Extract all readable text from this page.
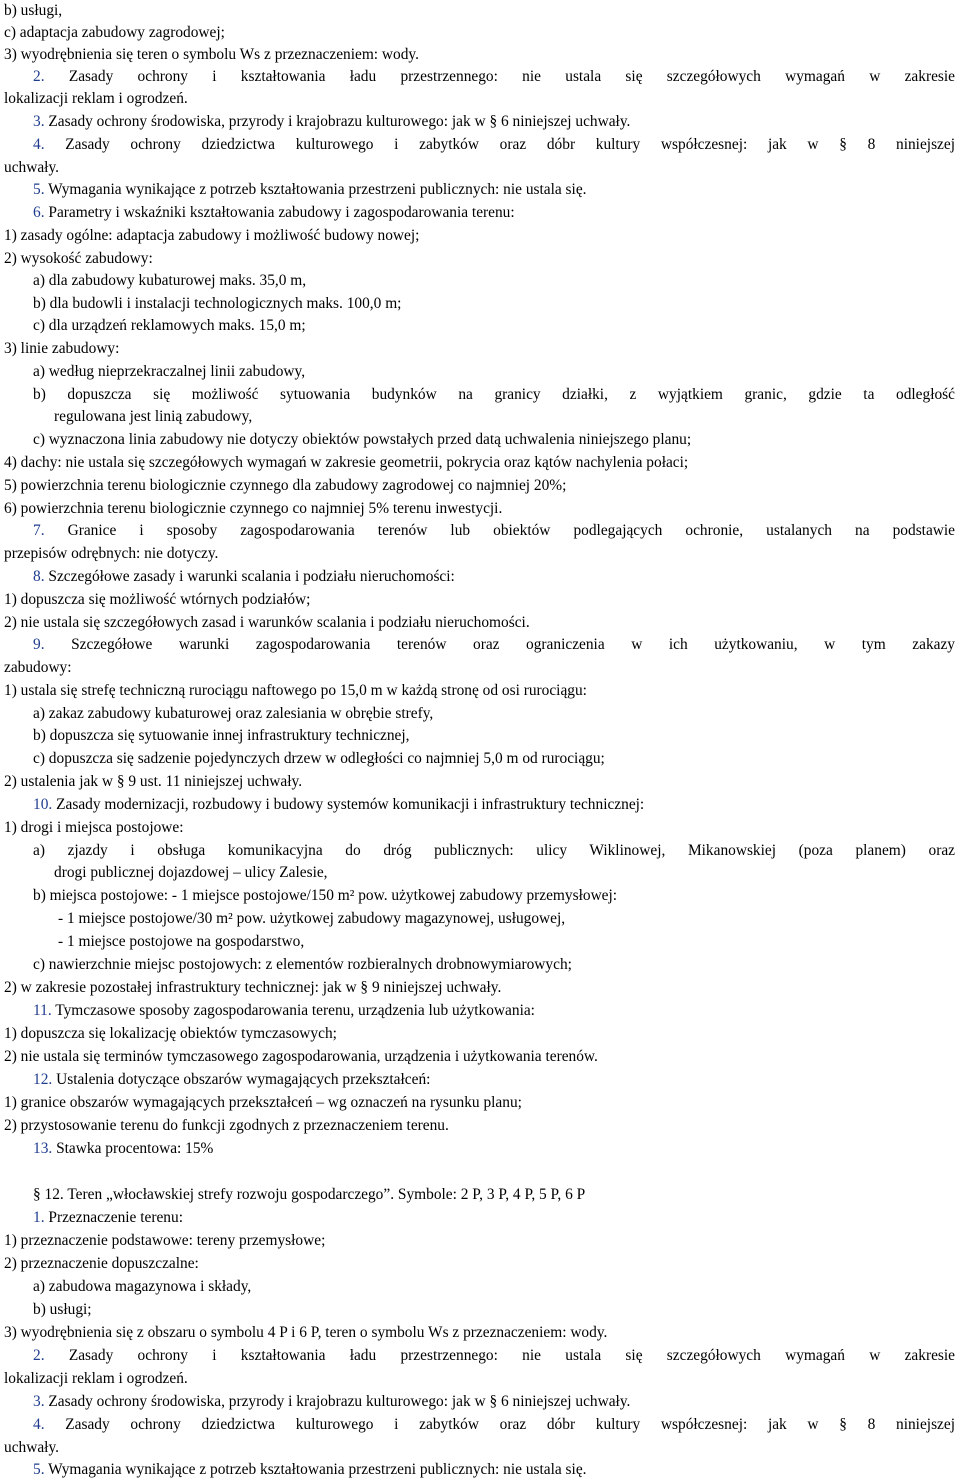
b) usługi,
c) adaptacja zabudowy zagrodowej;
3) wyodrębnienia się teren o symbolu Ws z przeznaczeniem: wody.
2. Zasady ochrony i kształtowania ładu przestrzennego: nie ustala się szczegółowych wymagań w zakresie
lokalizacji reklam i ogrodzeń.
3. Zasady ochrony środowiska, przyrody i krajobrazu kulturowego: jak w § 6 niniejszej uchwały.
4. Zasady ochrony dziedzictwa kulturowego i zabytków oraz dóbr kultury współczesnej: jak w § 8 niniejszej
uchwały.
5. Wymagania wynikające z potrzeb kształtowania przestrzeni publicznych: nie ustala się.
6. Parametry i wskaźniki kształtowania zabudowy i zagospodarowania terenu:
1) zasady ogólne: adaptacja zabudowy i możliwość budowy nowej;
2) wysokość zabudowy:
a) dla zabudowy kubaturowej maks. 35,0 m,
b) dla budowli i instalacji technologicznych maks. 100,0 m;
c) dla urządzeń reklamowych maks. 15,0 m;
3) linie zabudowy:
a) według nieprzekraczalnej linii zabudowy,
b) dopuszcza się możliwość sytuowania budynków na granicy działki, z wyjątkiem granic, gdzie ta odległość
regulowana jest linią zabudowy,
c) wyznaczona linia zabudowy nie dotyczy obiektów powstałych przed datą uchwalenia niniejszego planu;
4) dachy: nie ustala się szczegółowych wymagań w zakresie geometrii, pokrycia oraz kątów nachylenia połaci;
5) powierzchnia terenu biologicznie czynnego dla zabudowy zagrodowej co najmniej 20%;
6) powierzchnia terenu biologicznie czynnego co najmniej 5% terenu inwestycji.
7. Granice i sposoby zagospodarowania terenów lub obiektów podlegających ochronie, ustalanych na podstawie
przepisów odrębnych: nie dotyczy.
8. Szczegółowe zasady i warunki scalania i podziału nieruchomości:
1) dopuszcza się możliwość wtórnych podziałów;
2) nie ustala się szczegółowych zasad i warunków scalania i podziału nieruchomości.
9. Szczegółowe warunki zagospodarowania terenów oraz ograniczenia w ich użytkowaniu, w tym zakazy
zabudowy:
1) ustala się strefę techniczną rurociągu naftowego po 15,0 m w każdą stronę od osi rurociągu:
a) zakaz zabudowy kubaturowej oraz zalesiania w obrębie strefy,
b) dopuszcza się sytuowanie innej infrastruktury technicznej,
c) dopuszcza się sadzenie pojedynczych drzew w odległości co najmniej 5,0 m od rurociągu;
2) ustalenia jak w § 9 ust. 11 niniejszej uchwały.
10. Zasady modernizacji, rozbudowy i budowy systemów komunikacji i infrastruktury technicznej:
1) drogi i miejsca postojowe:
a) zjazdy i obsługa komunikacyjna do dróg publicznych: ulicy Wiklinowej, Mikanowskiej (poza planem) oraz
drogi publicznej dojazdowej – ulicy Zalesie,
b) miejsca postojowe: - 1 miejsce postojowe/150 m² pow. użytkowej zabudowy przemysłowej:
- 1 miejsce postojowe/30 m² pow. użytkowej zabudowy magazynowej, usługowej,
- 1 miejsce postojowe na gospodarstwo,
c) nawierzchnie miejsc postojowych: z elementów rozbieralnych drobnowymiarowych;
2) w zakresie pozostałej infrastruktury technicznej: jak w § 9 niniejszej uchwały.
11. Tymczasowe sposoby zagospodarowania terenu, urządzenia lub użytkowania:
1) dopuszcza się lokalizację obiektów tymczasowych;
2) nie ustala się terminów tymczasowego zagospodarowania, urządzenia i użytkowania terenów.
12. Ustalenia dotyczące obszarów wymagających przekształceń:
1) granice obszarów wymagających przekształceń – wg oznaczeń na rysunku planu;
2) przystosowanie terenu do funkcji zgodnych z przeznaczeniem terenu.
13. Stawka procentowa: 15%
§ 12. Teren „włocławskiej strefy rozwoju gospodarczego”. Symbole: 2 P, 3 P, 4 P, 5 P, 6 P
1. Przeznaczenie terenu:
1) przeznaczenie podstawowe: tereny przemysłowe;
2) przeznaczenie dopuszczalne:
a) zabudowa magazynowa i składy,
b) usługi;
3) wyodrębnienia się z obszaru o symbolu 4 P i 6 P, teren o symbolu Ws z przeznaczeniem: wody.
2. Zasady ochrony i kształtowania ładu przestrzennego: nie ustala się szczegółowych wymagań w zakresie
lokalizacji reklam i ogrodzeń.
3. Zasady ochrony środowiska, przyrody i krajobrazu kulturowego: jak w § 6 niniejszej uchwały.
4. Zasady ochrony dziedzictwa kulturowego i zabytków oraz dóbr kultury współczesnej: jak w § 8 niniejszej
uchwały.
5. Wymagania wynikające z potrzeb kształtowania przestrzeni publicznych: nie ustala się.
